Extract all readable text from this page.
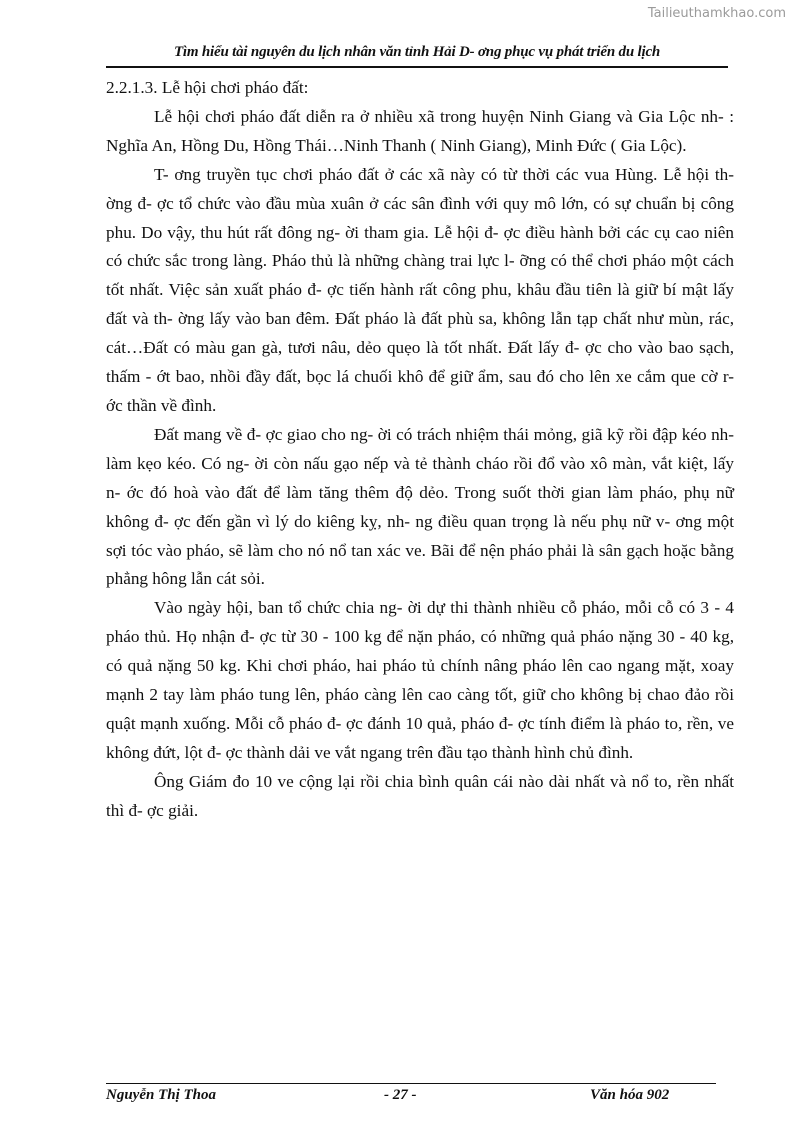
Tailieuthamkhao.com
Tìm hiểu tài nguyên du lịch nhân văn tỉnh Hải D- ơng phục vụ phát triển du lịch

2.2.1.3. Lễ hội chơi pháo đất:

Lễ hội chơi pháo đất diễn ra ở nhiều xã trong huyện Ninh Giang và Gia Lộc nh- : Nghĩa An, Hồng Du, Hồng Thái…Ninh Thanh ( Ninh Giang), Minh Đức ( Gia Lộc).

T- ơng truyền tục chơi pháo đất ở các xã này có từ thời các vua Hùng. Lễ hội th- ờng đ- ợc tổ chức vào đầu mùa xuân ở các sân đình với quy mô lớn, có sự chuẩn bị công phu. Do vậy, thu hút rất đông ng- ời tham gia. Lễ hội đ- ợc điều hành bởi các cụ cao niên có chức sắc trong làng. Pháo thủ là những chàng trai lực l- ỡng có thể chơi pháo một cách tốt nhất. Việc sản xuất pháo đ- ợc tiến hành rất công phu, khâu đầu tiên là giữ bí mật lấy đất và th- ờng lấy vào ban đêm. Đất pháo là đất phù sa, không lẫn tạp chất như mùn, rác, cát…Đất có màu gan gà, tươi nâu, dẻo quẹo là tốt nhất. Đất lấy đ- ợc cho vào bao sạch, thấm - ớt bao, nhồi đầy đất, bọc lá chuối khô để giữ ẩm, sau đó cho lên xe cắm que cờ r- ớc thần về đình.

Đất mang về đ- ợc giao cho ng- ời có trách nhiệm thái mỏng, giã kỹ rồi đập kéo nh- làm kẹo kéo. Có ng- ời còn nấu gạo nếp và tẻ thành cháo rồi đổ vào xô màn, vắt kiệt, lấy n- ớc đó hoà vào đất để làm tăng thêm độ dẻo. Trong suốt thời gian làm pháo, phụ nữ không đ- ợc đến gần vì lý do kiêng kỵ, nh- ng điều quan trọng là nếu phụ nữ v- ơng một sợi tóc vào pháo, sẽ làm cho nó nổ tan xác ve. Bãi để nện pháo phải là sân gạch hoặc bằng phẳng hông lẫn cát sỏi.

Vào ngày hội, ban tổ chức chia ng- ời dự thi thành nhiều cỗ pháo, mỗi cỗ có 3 - 4 pháo thủ. Họ nhận đ- ợc từ 30 - 100 kg để nặn pháo, có những quả pháo nặng 30 - 40 kg, có quả nặng 50 kg. Khi chơi pháo, hai pháo tủ chính nâng pháo lên cao ngang mặt, xoay mạnh 2 tay làm pháo tung lên, pháo càng lên cao càng tốt, giữ cho không bị chao đảo rồi quật mạnh xuống. Mỗi cỗ pháo đ- ợc đánh 10 quả, pháo đ- ợc tính điểm là pháo to, rền, ve không đứt, lột đ- ợc thành dải ve vắt ngang trên đầu tạo thành hình chủ đình.

Ông Giám đo 10 ve cộng lại rồi chia bình quân cái nào dài nhất và nổ to, rền nhất thì đ- ợc giải.

Nguyễn Thị Thoa	- 27 -	Văn hóa 902
